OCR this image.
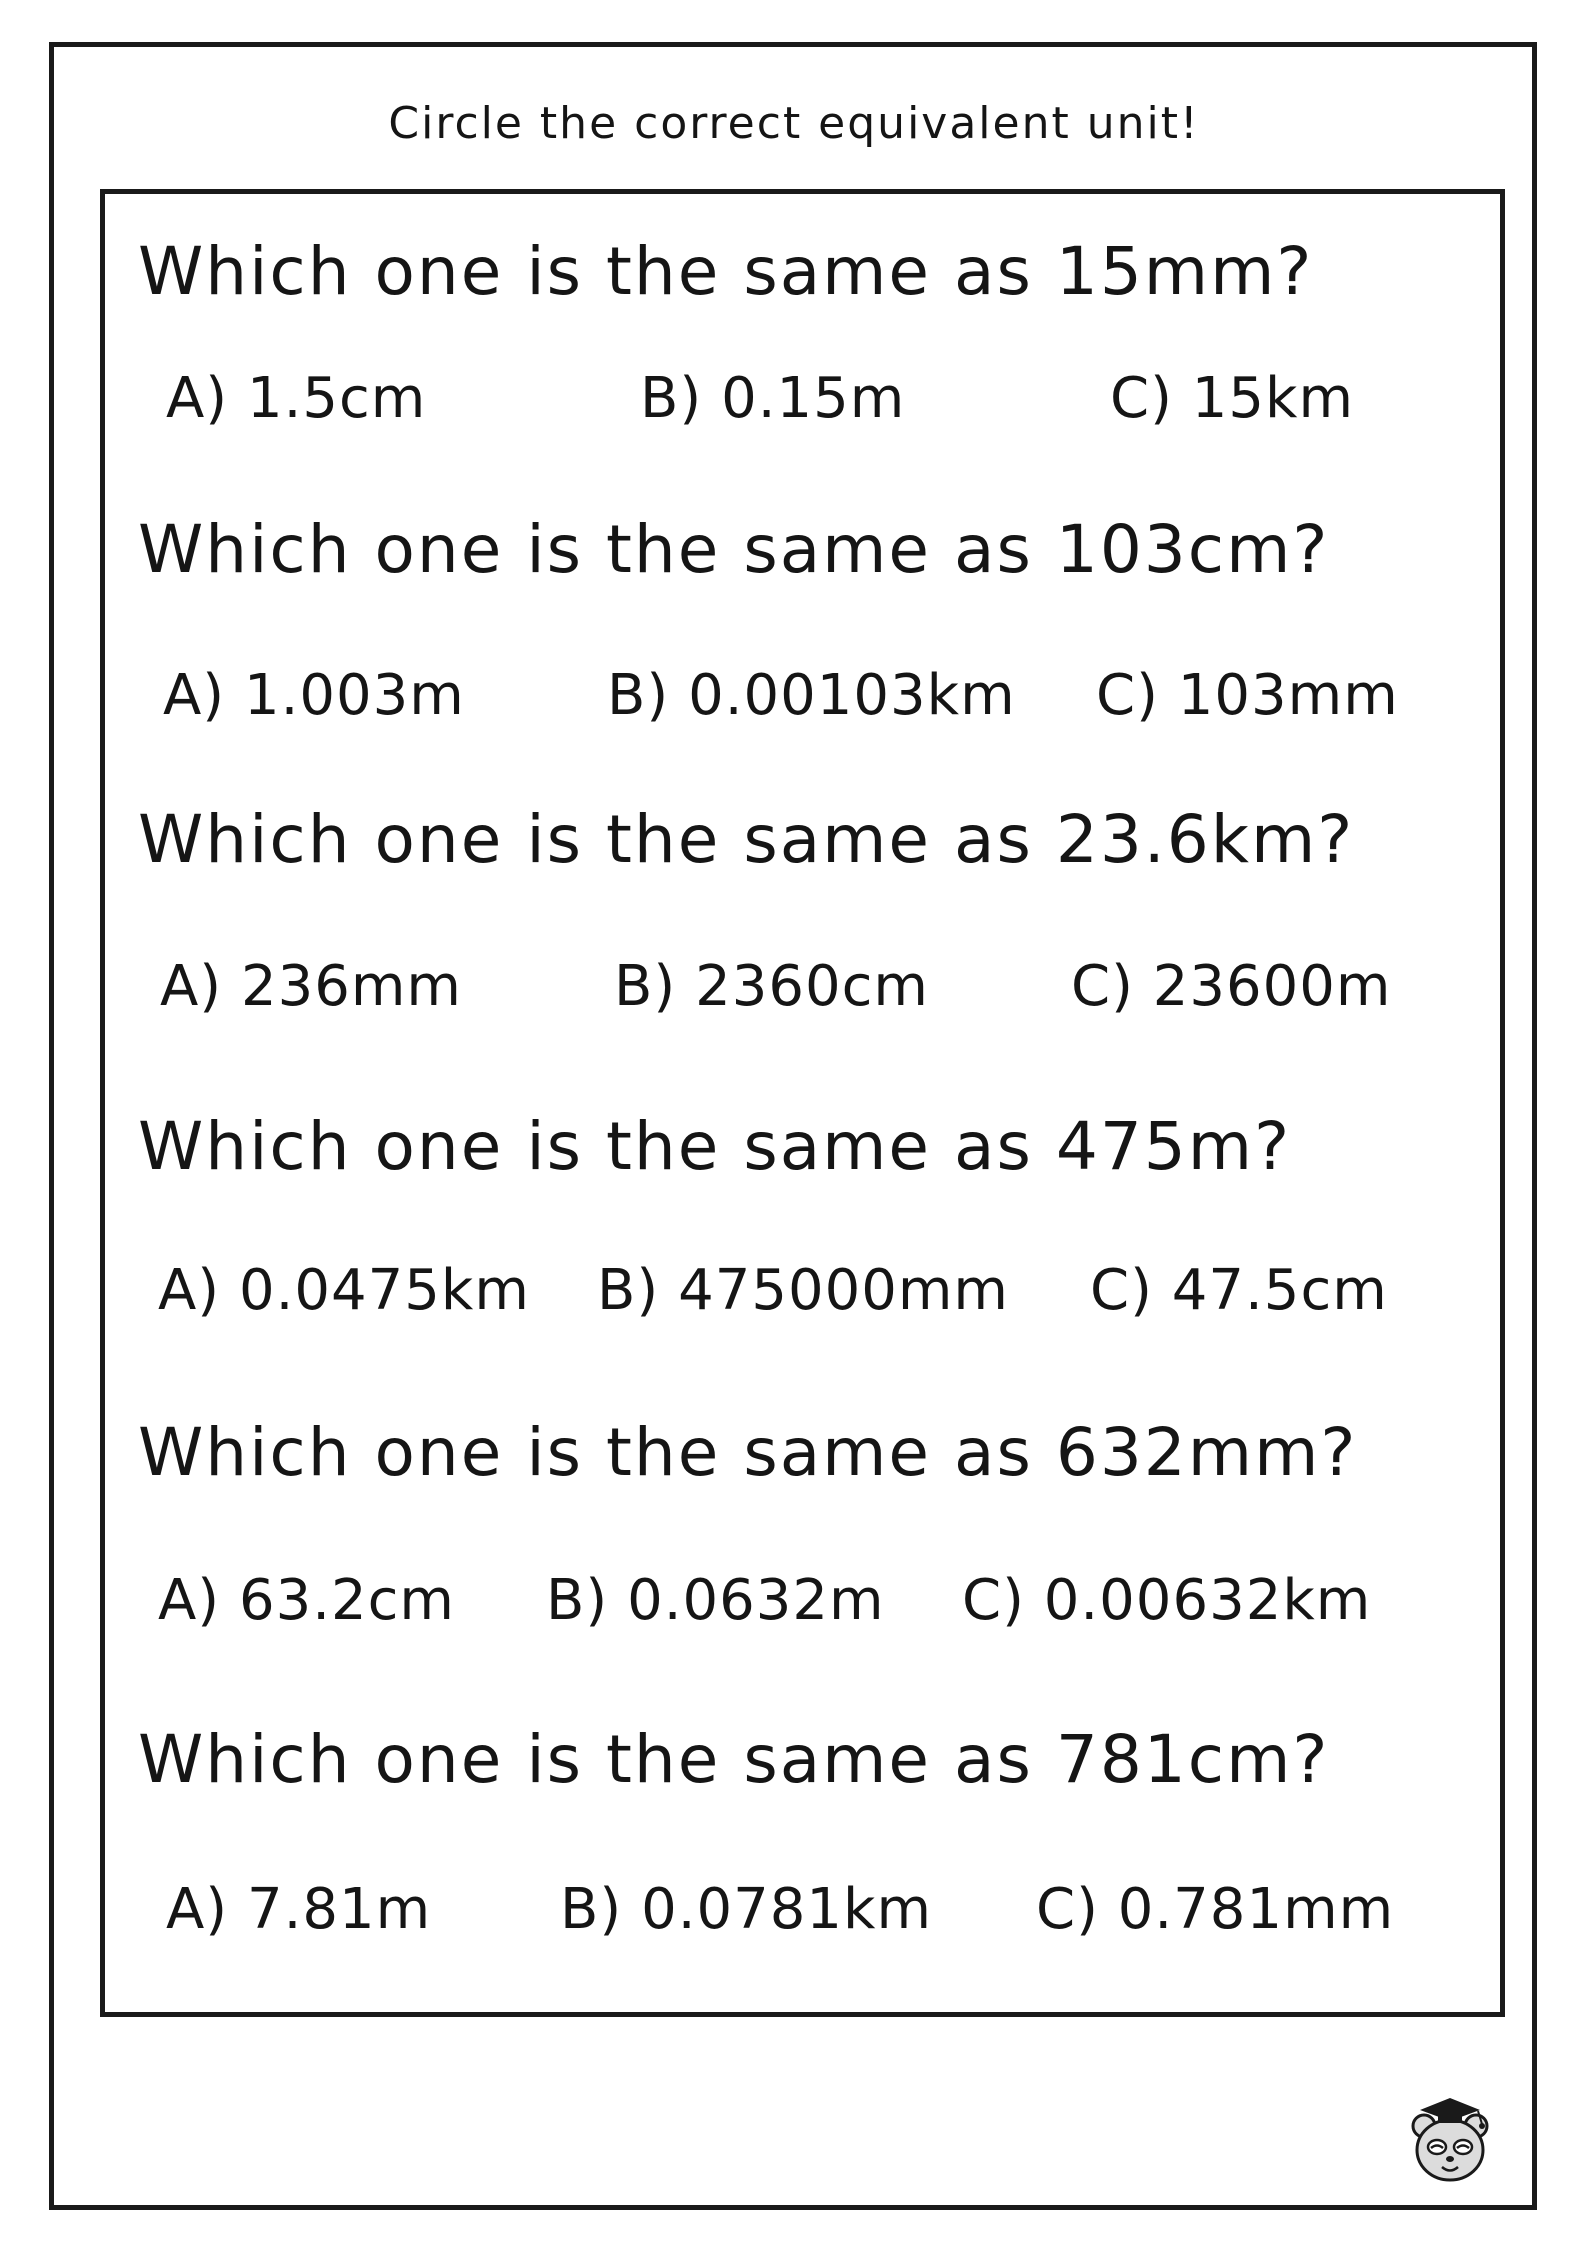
Circle the correct equivalent unit!
Which one is the same as 15mm?
A) 1.5cm	B) 0.15m	C) 15km
Which one is the same as 103cm?
A) 1.003m	B) 0.00103km C) 103mm
Which one is the same as 23.6km?
A) 236mm	B) 2360cm	C) 23600m
Which one is the same as 475m?
A) 0.0475km B) 475000mm C) 47.5cm
Which one is the same as 632mm?
A) 63.2cm B) 0.0632m C) 0.00632km
Which one is the same as 781cm?
A) 7.81m B) 0.0781km C) 0.781mm
